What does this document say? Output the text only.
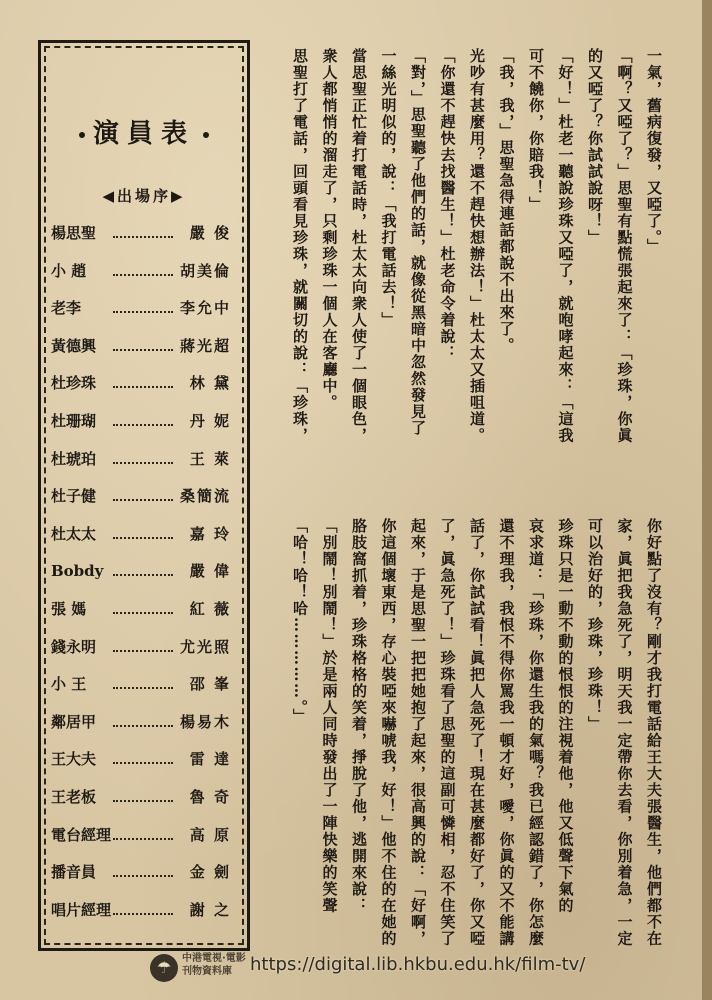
演員表
◀出場序▶
楊思聖	嚴 俊
小 趙	胡美倫
老李	李允中
黃德興	蔣光超
杜珍珠	林 黛
杜珊瑚	丹 妮
杜琥珀	王 萊
杜子健	桑簡流
杜太太	嘉 玲
Bobdy	嚴 偉
張 媽	紅 薇
錢永明	尤光照
小 王	邵 峯
鄰居甲	楊易木
王大夫	雷 達
王老板	魯 奇
電台經理	高 原
播音員	金 劍
唱片經理	謝 之
一氣，舊病復發，又啞了。」
「啊？又啞了？」思聖有點慌張起來了：「珍珠，你眞
的又啞了？你試試說呀！」
「好！」杜老一聽說珍珠又啞了，就咆哮起來：「這我
可不饒你，你賠我！」
「我，我，」思聖急得連話都說不出來了。
光吵有甚麼用？還不趕快想辦法！」杜太太又插咀道。
「你還不趕快去找醫生！」杜老命令着說：
「對，」思聖聽了他們的話，就像從黑暗中忽然發見了
一絲光明似的，說：「我打電話去！」
當思聖正忙着打電話時，杜太太向衆人使了一個眼色，
衆人都悄悄的溜走了，只剩珍珠一個人在客廳中。
思聖打了電話，回頭看見珍珠，就關切的說：「珍珠，
你好點了沒有？剛才我打電話給王大夫張醫生，他們都不在
家，眞把我急死了，明天我一定帶你去看，你別着急，一定
可以治好的，珍珠，珍珠！」
珍珠只是一動不動的恨恨的注視着他，他又低聲下氣的
哀求道：「珍珠，你還生我的氣嗎？我已經認錯了，你怎麼
還不理我，我恨不得你罵我一頓才好，噯，你眞的又不能講
話了，你試試看！眞把人急死了！現在甚麼都好了，你又啞
了，眞急死了！」珍珠看了思聖的這副可憐相，忍不住笑了
起來，于是思聖一把把她抱了起來，很高興的說：「好啊，
你這個壞東西，存心裝啞來嚇唬我，好！」他不住的在她的
胳肢窩抓着，珍珠格格的笑着，掙脫了他，逃開來說：
「別鬧！別鬧！」於是兩人同時發出了一陣快樂的笑聲
「哈！哈！哈……………。」
☂	中港電視·電影
刊物資料庫	https://digital.lib.hkbu.edu.hk/film-tv/
